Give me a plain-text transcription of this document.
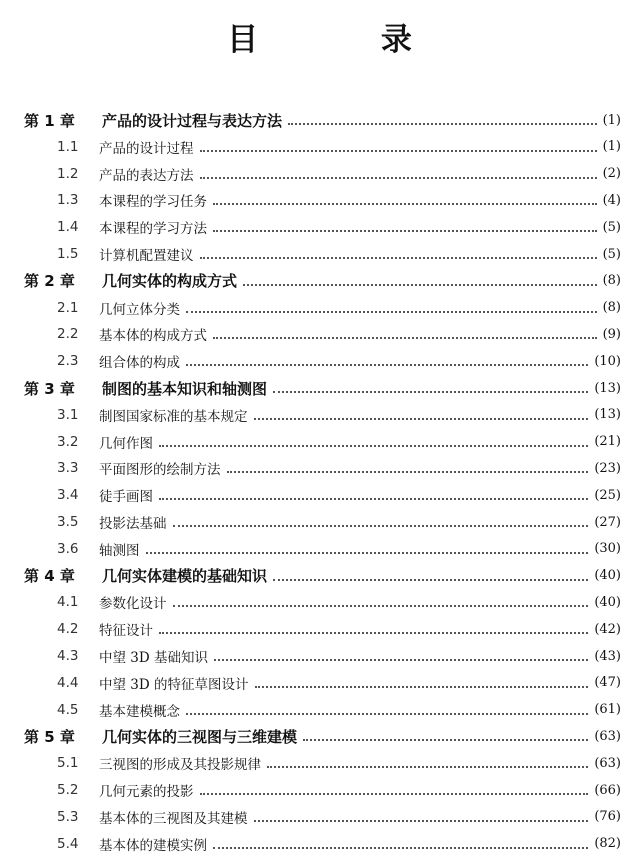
目 录
第 1 章 产品的设计过程与表达方法	(1)
1.1 产品的设计过程	(1)
1.2 产品的表达方法	(2)
1.3 本课程的学习任务	(4)
1.4 本课程的学习方法	(5)
1.5 计算机配置建议	(5)
第 2 章 几何实体的构成方式	(8)
2.1 几何立体分类	(8)
2.2 基本体的构成方式	(9)
2.3 组合体的构成	(10)
第 3 章 制图的基本知识和轴测图	(13)
3.1 制图国家标准的基本规定	(13)
3.2 几何作图	(21)
3.3 平面图形的绘制方法	(23)
3.4 徒手画图	(25)
3.5 投影法基础	(27)
3.6 轴测图	(30)
第 4 章 几何实体建模的基础知识	(40)
4.1 参数化设计	(40)
4.2 特征设计	(42)
4.3 中望 3D 基础知识	(43)
4.4 中望 3D 的特征草图设计	(47)
4.5 基本建模概念	(61)
第 5 章 几何实体的三视图与三维建模	(63)
5.1 三视图的形成及其投影规律	(63)
5.2 几何元素的投影	(66)
5.3 基本体的三视图及其建模	(76)
5.4 基本体的建模实例	(82)
